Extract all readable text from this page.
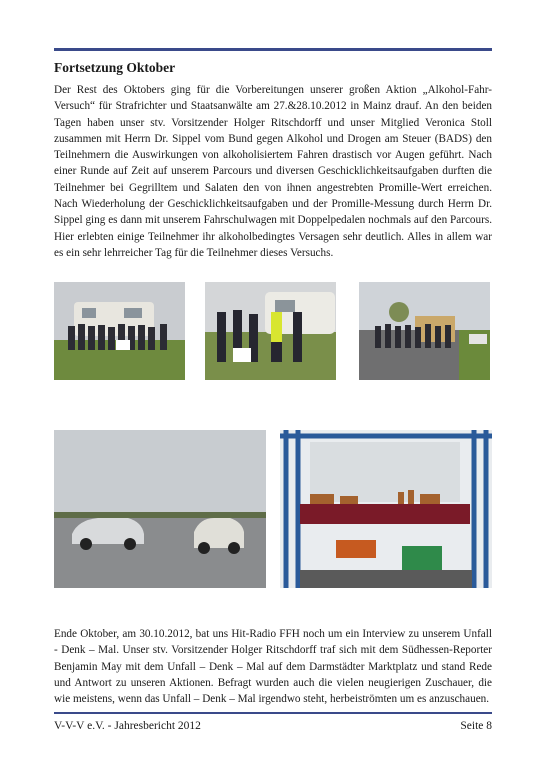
Fortsetzung Oktober
Der Rest des Oktobers ging für die Vorbereitungen unserer großen Aktion „Alkohol-Fahr-Versuch“ für Strafrichter und Staatsanwälte am 27.&28.10.2012 in Mainz drauf. An den beiden Tagen haben unser stv. Vorsitzender Holger Ritschdorff und unser Mitglied Veronica Stoll zusammen mit Herrn Dr. Sippel vom Bund gegen Alkohol und Drogen am Steuer (BADS) den Teilnehmern die Auswirkungen von alkoholisiertem Fahren drastisch vor Augen geführt. Nach einer Runde auf Zeit auf unserem Parcours und diversen Geschicklichkeitsaufgaben durften die Teilnehmer bei Gegrilltem und Salaten den von ihnen angestrebten Promille-Wert erreichen. Nach Wiederholung der Geschicklichkeitsaufgaben und der Promille-Messung durch Herrn Dr. Sippel ging es dann mit unserem Fahrschulwagen mit Doppelpedalen nochmals auf den Parcours. Hier erlebten einige Teilnehmer ihr alkoholbedingtes Versagen sehr deutlich. Alles in allem war es ein sehr lehrreicher Tag für die Teilnehmer dieses Versuchs.
Ende Oktober, am 30.10.2012, bat uns Hit-Radio FFH noch um ein Interview zu unserem Unfall - Denk – Mal. Unser stv. Vorsitzender Holger Ritschdorff traf sich mit dem Südhessen-Reporter Benjamin May mit dem Unfall – Denk – Mal auf dem Darmstädter Marktplatz und stand Rede und Antwort zu unseren Aktionen. Befragt wurden auch die vielen neugierigen Zuschauer, die wie meistens, wenn das Unfall – Denk – Mal irgendwo steht, herbeiströmten um es anzuschauen.
V-V-V e.V. - Jahresbericht 2012	Seite 8
